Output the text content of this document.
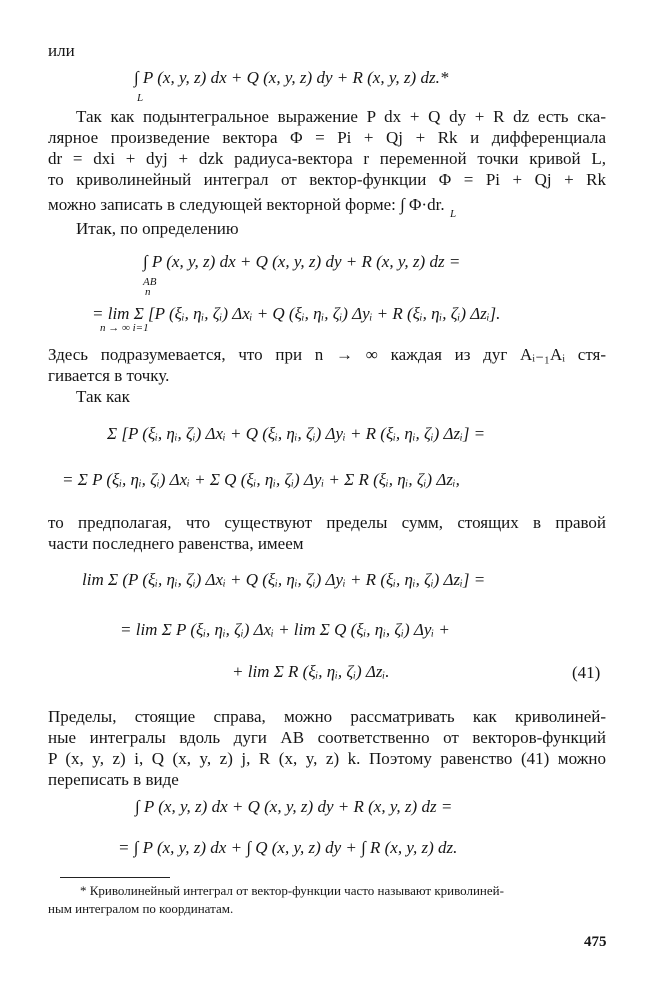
или
∫ P (x, y, z) dx + Q (x, y, z) dy + R (x, y, z) dz.*
L
Так как подынтегральное выражение P dx + Q dy + R dz есть ска-
лярное произведение вектора Φ = Pi + Qj + Rk и дифференциала
dr = dxi + dyj + dzk радиуса-вектора r переменной точки кривой L,
то криволинейный интеграл от вектор-функции Φ = Pi + Qj + Rk
можно записать в следующей векторной форме: ∫ Φ·dr. L
Итак, по определению
∫ P (x, y, z) dx + Q (x, y, z) dy + R (x, y, z) dz =
AB
n
= lim Σ [P (ξᵢ, ηᵢ, ζᵢ) Δxᵢ + Q (ξᵢ, ηᵢ, ζᵢ) Δyᵢ + R (ξᵢ, ηᵢ, ζᵢ) Δzᵢ].
n → ∞ i=1
Здесь подразумевается, что при n → ∞ каждая из дуг Aᵢ₋₁Aᵢ стя-
гивается в точку.
Так как
Σ [P (ξᵢ, ηᵢ, ζᵢ) Δxᵢ + Q (ξᵢ, ηᵢ, ζᵢ) Δyᵢ + R (ξᵢ, ηᵢ, ζᵢ) Δzᵢ] =
= Σ P (ξᵢ, ηᵢ, ζᵢ) Δxᵢ + Σ Q (ξᵢ, ηᵢ, ζᵢ) Δyᵢ + Σ R (ξᵢ, ηᵢ, ζᵢ) Δzᵢ,
то предполагая, что существуют пределы сумм, стоящих в правой
части последнего равенства, имеем
lim Σ (P (ξᵢ, ηᵢ, ζᵢ) Δxᵢ + Q (ξᵢ, ηᵢ, ζᵢ) Δyᵢ + R (ξᵢ, ηᵢ, ζᵢ) Δzᵢ] =
= lim Σ P (ξᵢ, ηᵢ, ζᵢ) Δxᵢ + lim Σ Q (ξᵢ, ηᵢ, ζᵢ) Δyᵢ +
+ lim Σ R (ξᵢ, ηᵢ, ζᵢ) Δzᵢ.	(41)
Пределы, стоящие справа, можно рассматривать как криволиней-
ные интегралы вдоль дуги AB соответственно от векторов-функций
P (x, y, z) i, Q (x, y, z) j, R (x, y, z) k. Поэтому равенство (41) можно
переписать в виде
∫ P (x, y, z) dx + Q (x, y, z) dy + R (x, y, z) dz =
= ∫ P (x, y, z) dx + ∫ Q (x, y, z) dy + ∫ R (x, y, z) dz.
* Криволинейный интеграл от вектор-функции часто называют криволиней-
ным интегралом по координатам.
475
